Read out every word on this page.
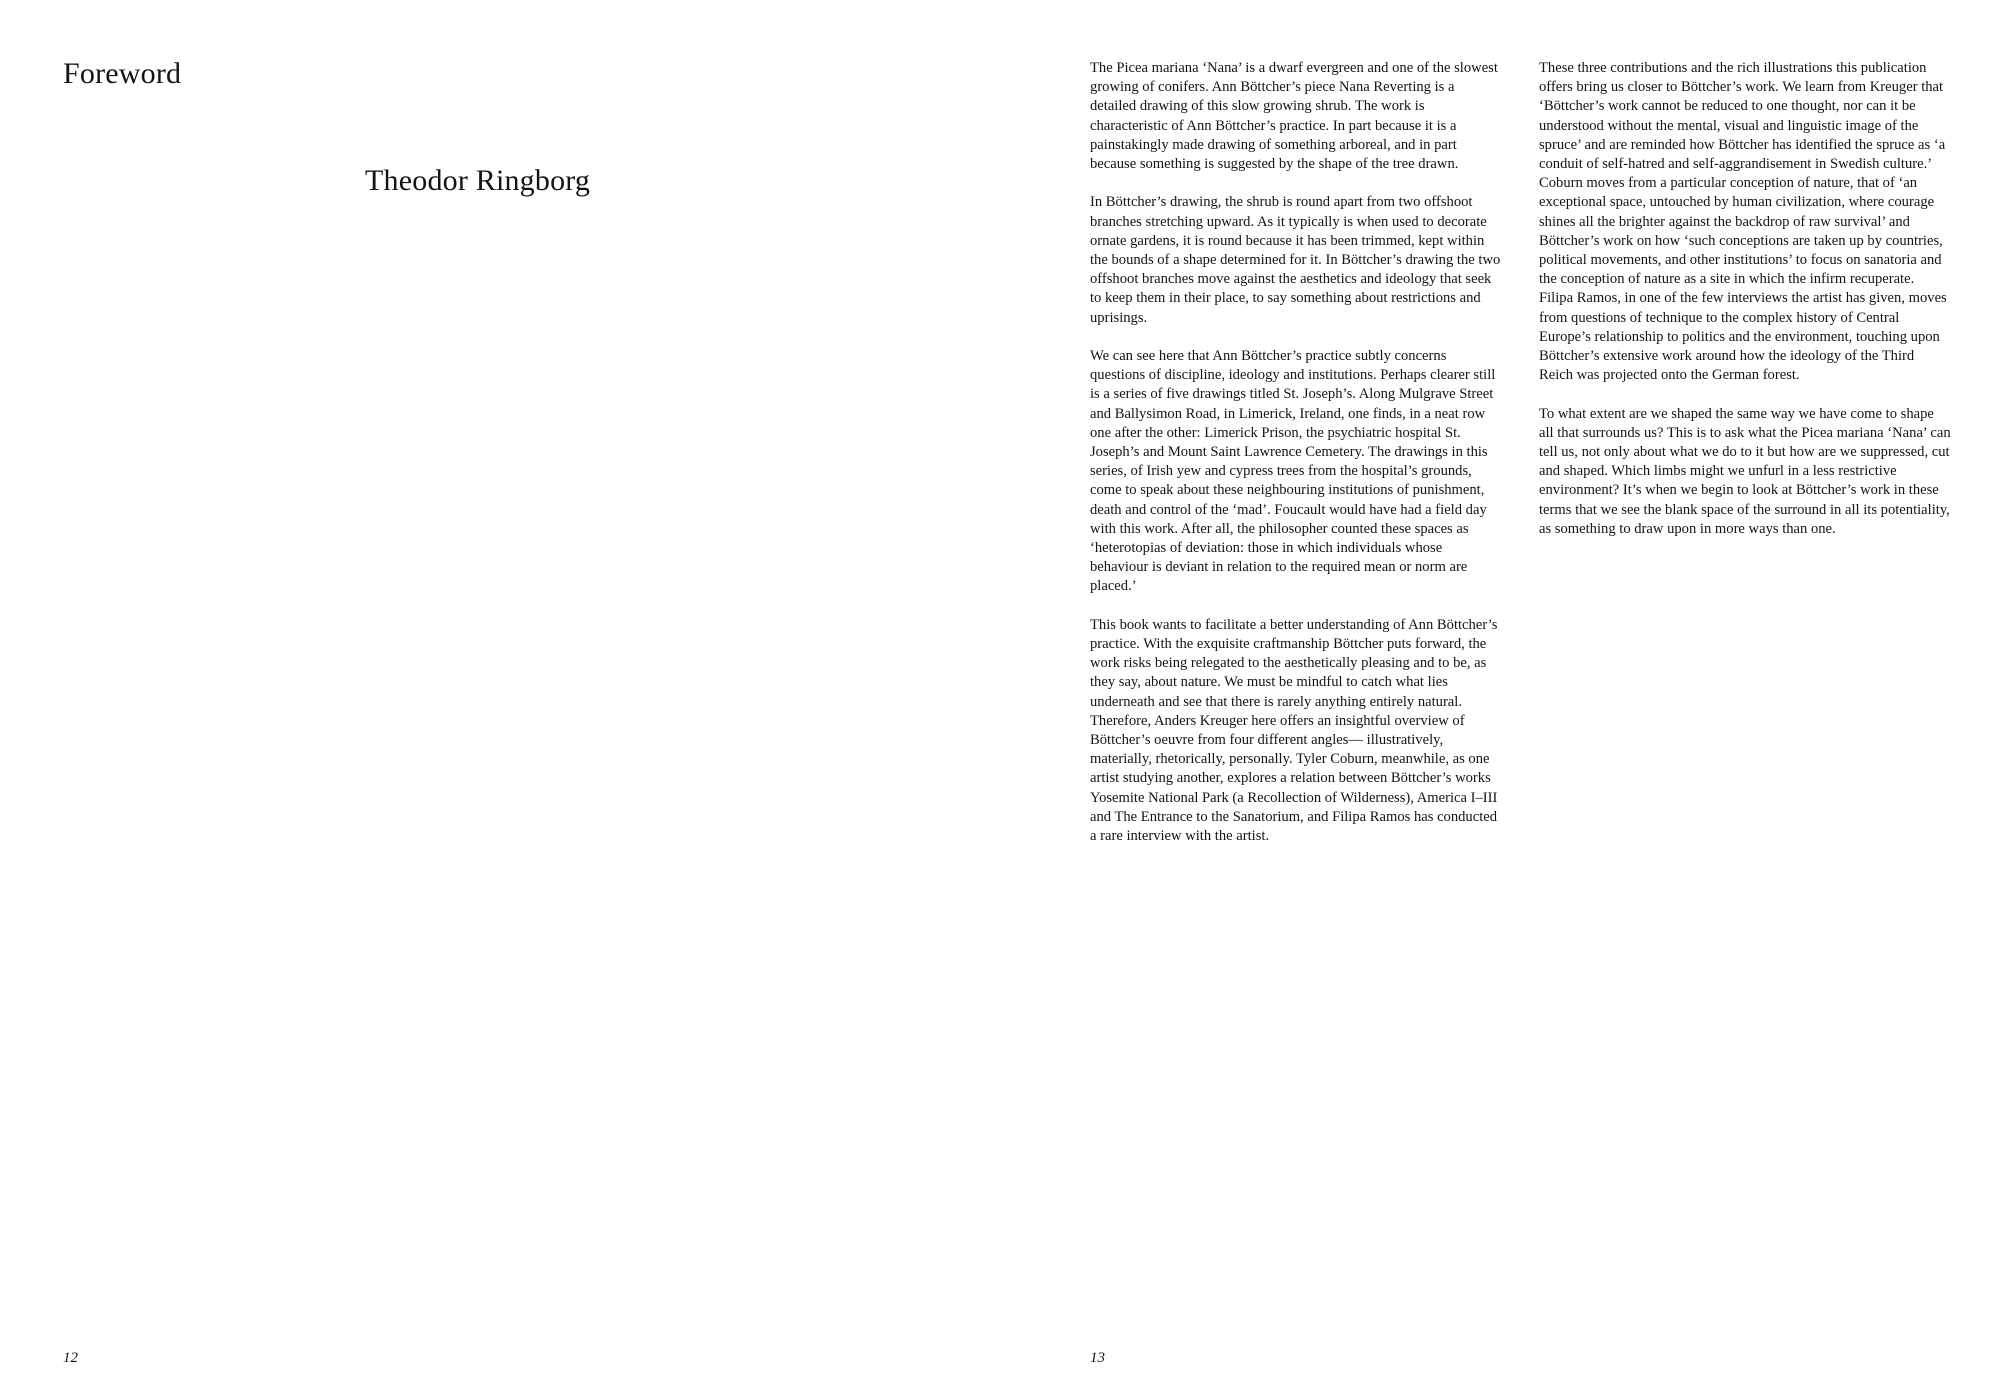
Foreword
Theodor Ringborg
12

The Picea mariana ‘Nana’ is a dwarf evergreen and one of the slowest growing of conifers. Ann Böttcher’s piece Nana Reverting is a detailed drawing of this slow growing shrub. The work is characteristic of Ann Böttcher’s practice. In part because it is a painstakingly made drawing of something arboreal, and in part because something is suggested by the shape of the tree drawn.

In Böttcher’s drawing, the shrub is round apart from two offshoot branches stretching upward. As it typically is when used to decorate ornate gardens, it is round because it has been trimmed, kept within the bounds of a shape determined for it. In Böttcher’s drawing the two offshoot branches move against the aesthetics and ideology that seek to keep them in their place, to say something about restrictions and uprisings.

We can see here that Ann Böttcher’s practice subtly concerns questions of discipline, ideology and institutions. Perhaps clearer still is a series of five drawings titled St. Joseph’s. Along Mulgrave Street and Ballysimon Road, in Limerick, Ireland, one finds, in a neat row one after the other: Limerick Prison, the psychiatric hospital St. Joseph’s and Mount Saint Lawrence Cemetery. The drawings in this series, of Irish yew and cypress trees from the hospital’s grounds, come to speak about these neighbouring institutions of punishment, death and control of the ‘mad’. Foucault would have had a field day with this work. After all, the philosopher counted these spaces as ‘heterotopias of deviation: those in which individuals whose behaviour is deviant in relation to the required mean or norm are placed.’

This book wants to facilitate a better understanding of Ann Böttcher’s practice. With the exquisite craftmanship Böttcher puts forward, the work risks being relegated to the aesthetically pleasing and to be, as they say, about nature. We must be mindful to catch what lies underneath and see that there is rarely anything entirely natural. Therefore, Anders Kreuger here offers an insightful overview of Böttcher’s oeuvre from four different angles— illustratively, materially, rhetorically, personally. Tyler Coburn, meanwhile, as one artist studying another, explores a relation between Böttcher’s works Yosemite National Park (a Recollection of Wilderness), America I–III and The Entrance to the Sanatorium, and Filipa Ramos has conducted a rare interview with the artist.

These three contributions and the rich illustrations this publication offers bring us closer to Böttcher’s work. We learn from Kreuger that ‘Böttcher’s work cannot be reduced to one thought, nor can it be understood without the mental, visual and linguistic image of the spruce’ and are reminded how Böttcher has identified the spruce as ‘a conduit of self-hatred and self-aggrandisement in Swedish culture.’ Coburn moves from a particular conception of nature, that of ‘an exceptional space, untouched by human civilization, where courage shines all the brighter against the backdrop of raw survival’ and Böttcher’s work on how ‘such conceptions are taken up by countries, political movements, and other institutions’ to focus on sanatoria and the conception of nature as a site in which the infirm recuperate. Filipa Ramos, in one of the few interviews the artist has given, moves from questions of technique to the complex history of Central Europe’s relationship to politics and the environment, touching upon Böttcher’s extensive work around how the ideology of the Third Reich was projected onto the German forest.

To what extent are we shaped the same way we have come to shape all that surrounds us? This is to ask what the Picea mariana ‘Nana’ can tell us, not only about what we do to it but how are we suppressed, cut and shaped. Which limbs might we unfurl in a less restrictive environment? It’s when we begin to look at Böttcher’s work in these terms that we see the blank space of the surround in all its potentiality, as something to draw upon in more ways than one.

13
